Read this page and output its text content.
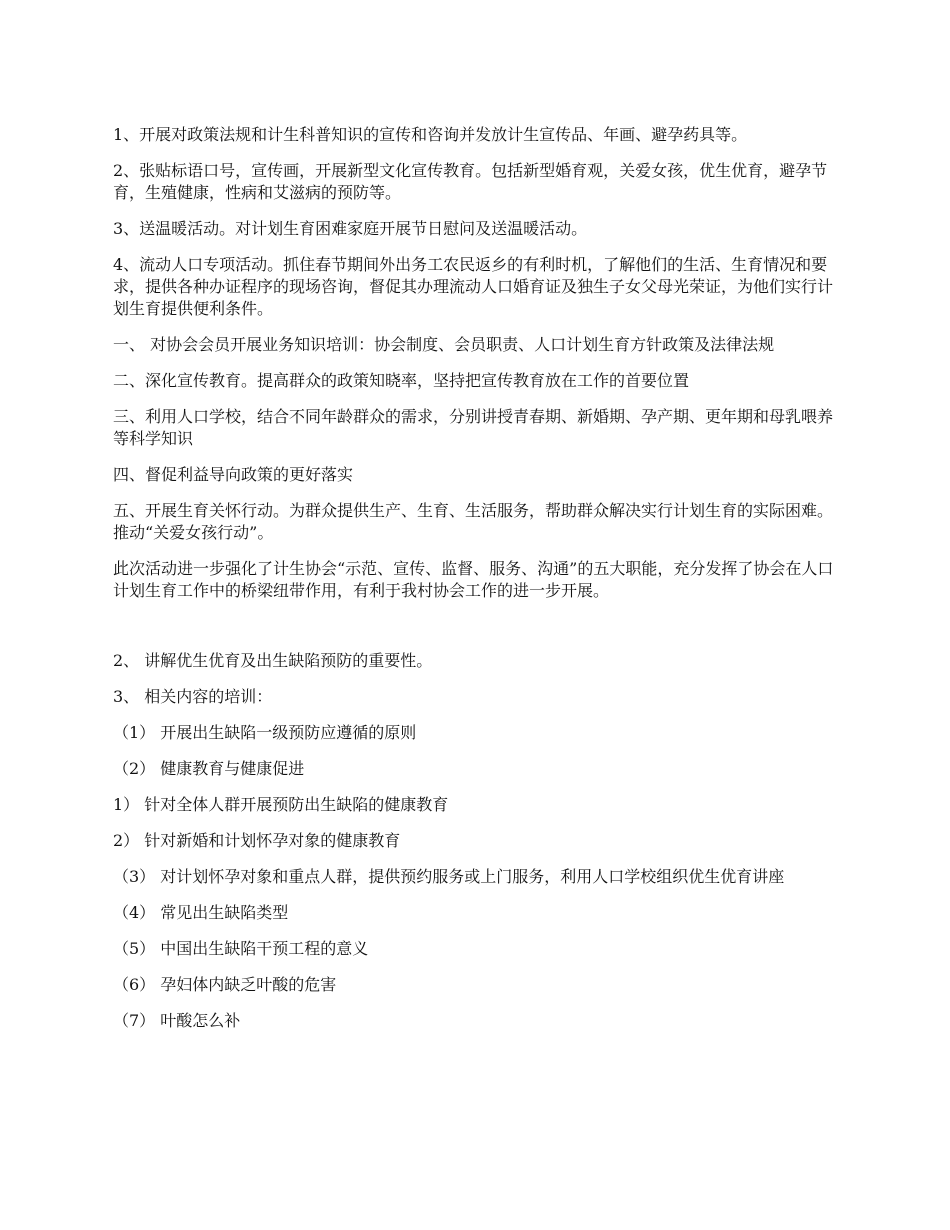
1、开展对政策法规和计生科普知识的宣传和咨询并发放计生宣传品、年画、避孕药具等。

2、张贴标语口号，宣传画，开展新型文化宣传教育。包括新型婚育观，关爱女孩，优生优育，避孕节育，生殖健康，性病和艾滋病的预防等。

3、送温暖活动。对计划生育困难家庭开展节日慰问及送温暖活动。

4、流动人口专项活动。抓住春节期间外出务工农民返乡的有利时机，了解他们的生活、生育情况和要求，提供各种办证程序的现场咨询，督促其办理流动人口婚育证及独生子女父母光荣证，为他们实行计划生育提供便利条件。

一、 对协会会员开展业务知识培训：协会制度、会员职责、人口计划生育方针政策及法律法规

二、深化宣传教育。提高群众的政策知晓率，坚持把宣传教育放在工作的首要位置

三、利用人口学校，结合不同年龄群众的需求，分别讲授青春期、新婚期、孕产期、更年期和母乳喂养等科学知识

四、督促利益导向政策的更好落实

五、开展生育关怀行动。为群众提供生产、生育、生活服务，帮助群众解决实行计划生育的实际困难。推动“关爱女孩行动”。

此次活动进一步强化了计生协会“示范、宣传、监督、服务、沟通”的五大职能，充分发挥了协会在人口计划生育工作中的桥梁纽带作用，有利于我村协会工作的进一步开展。

2、 讲解优生优育及出生缺陷预防的重要性。

3、 相关内容的培训：

（1） 开展出生缺陷一级预防应遵循的原则

（2） 健康教育与健康促进

1） 针对全体人群开展预防出生缺陷的健康教育

2） 针对新婚和计划怀孕对象的健康教育

（3） 对计划怀孕对象和重点人群，提供预约服务或上门服务，利用人口学校组织优生优育讲座

（4） 常见出生缺陷类型

（5） 中国出生缺陷干预工程的意义

（6） 孕妇体内缺乏叶酸的危害

（7） 叶酸怎么补
